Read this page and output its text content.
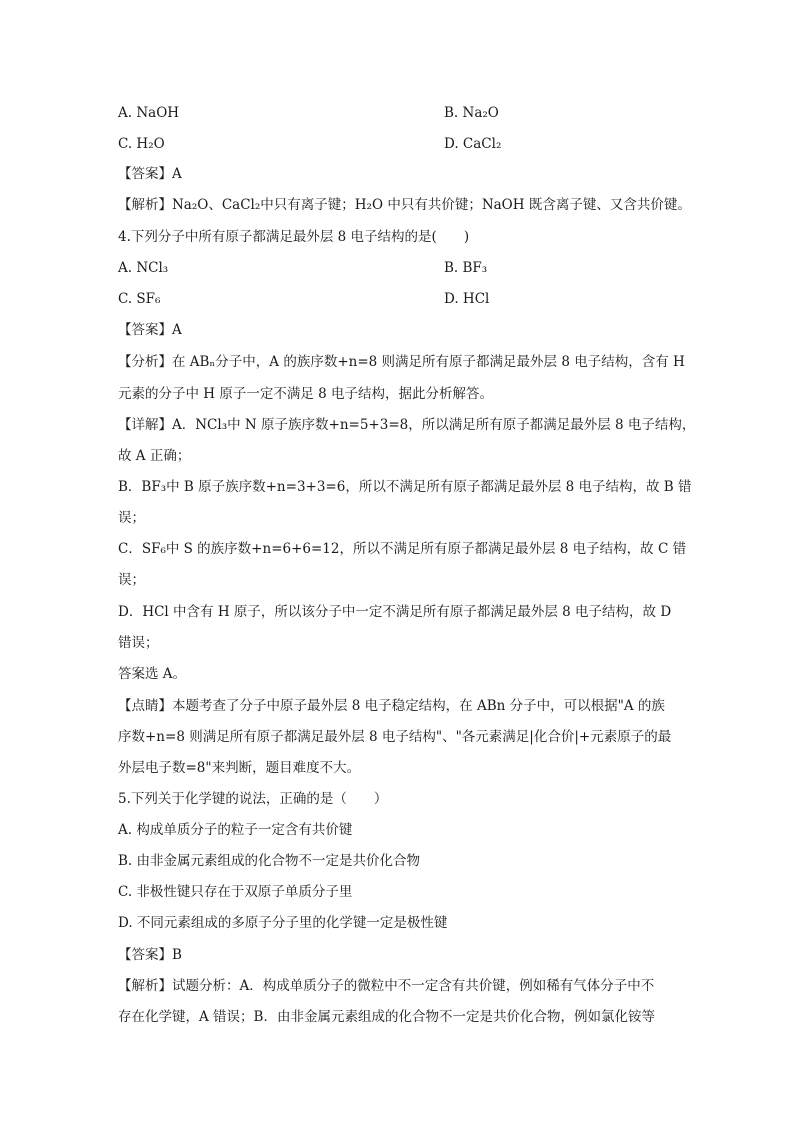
A. NaOH	B. Na₂O
C. H₂O	D. CaCl₂
【答案】A
【解析】Na₂O、CaCl₂中只有离子键；H₂O 中只有共价键；NaOH 既含离子键、又含共价键。
4.下列分子中所有原子都满足最外层 8 电子结构的是(　　)
A. NCl₃	B. BF₃
C. SF₆	D. HCl
【答案】A
【分析】在 ABₙ分子中，A 的族序数+n=8 则满足所有原子都满足最外层 8 电子结构，含有 H
元素的分子中 H 原子一定不满足 8 电子结构，据此分析解答。
【详解】A．NCl₃中 N 原子族序数+n=5+3=8，所以满足所有原子都满足最外层 8 电子结构，
故 A 正确；
B．BF₃中 B 原子族序数+n=3+3=6，所以不满足所有原子都满足最外层 8 电子结构，故 B 错
误；
C．SF₆中 S 的族序数+n=6+6=12，所以不满足所有原子都满足最外层 8 电子结构，故 C 错
误；
D．HCl 中含有 H 原子，所以该分子中一定不满足所有原子都满足最外层 8 电子结构，故 D
错误；
答案选 A。
【点睛】本题考查了分子中原子最外层 8 电子稳定结构，在 ABn 分子中，可以根据"A 的族
序数+n=8 则满足所有原子都满足最外层 8 电子结构"、"各元素满足|化合价|+元素原子的最
外层电子数=8"来判断，题目难度不大。
5.下列关于化学键的说法，正确的是（　　）
A. 构成单质分子的粒子一定含有共价键
B. 由非金属元素组成的化合物不一定是共价化合物
C. 非极性键只存在于双原子单质分子里
D. 不同元素组成的多原子分子里的化学键一定是极性键
【答案】B
【解析】试题分析：A．构成单质分子的微粒中不一定含有共价键，例如稀有气体分子中不
存在化学键，A 错误；B．由非金属元素组成的化合物不一定是共价化合物，例如氯化铵等
